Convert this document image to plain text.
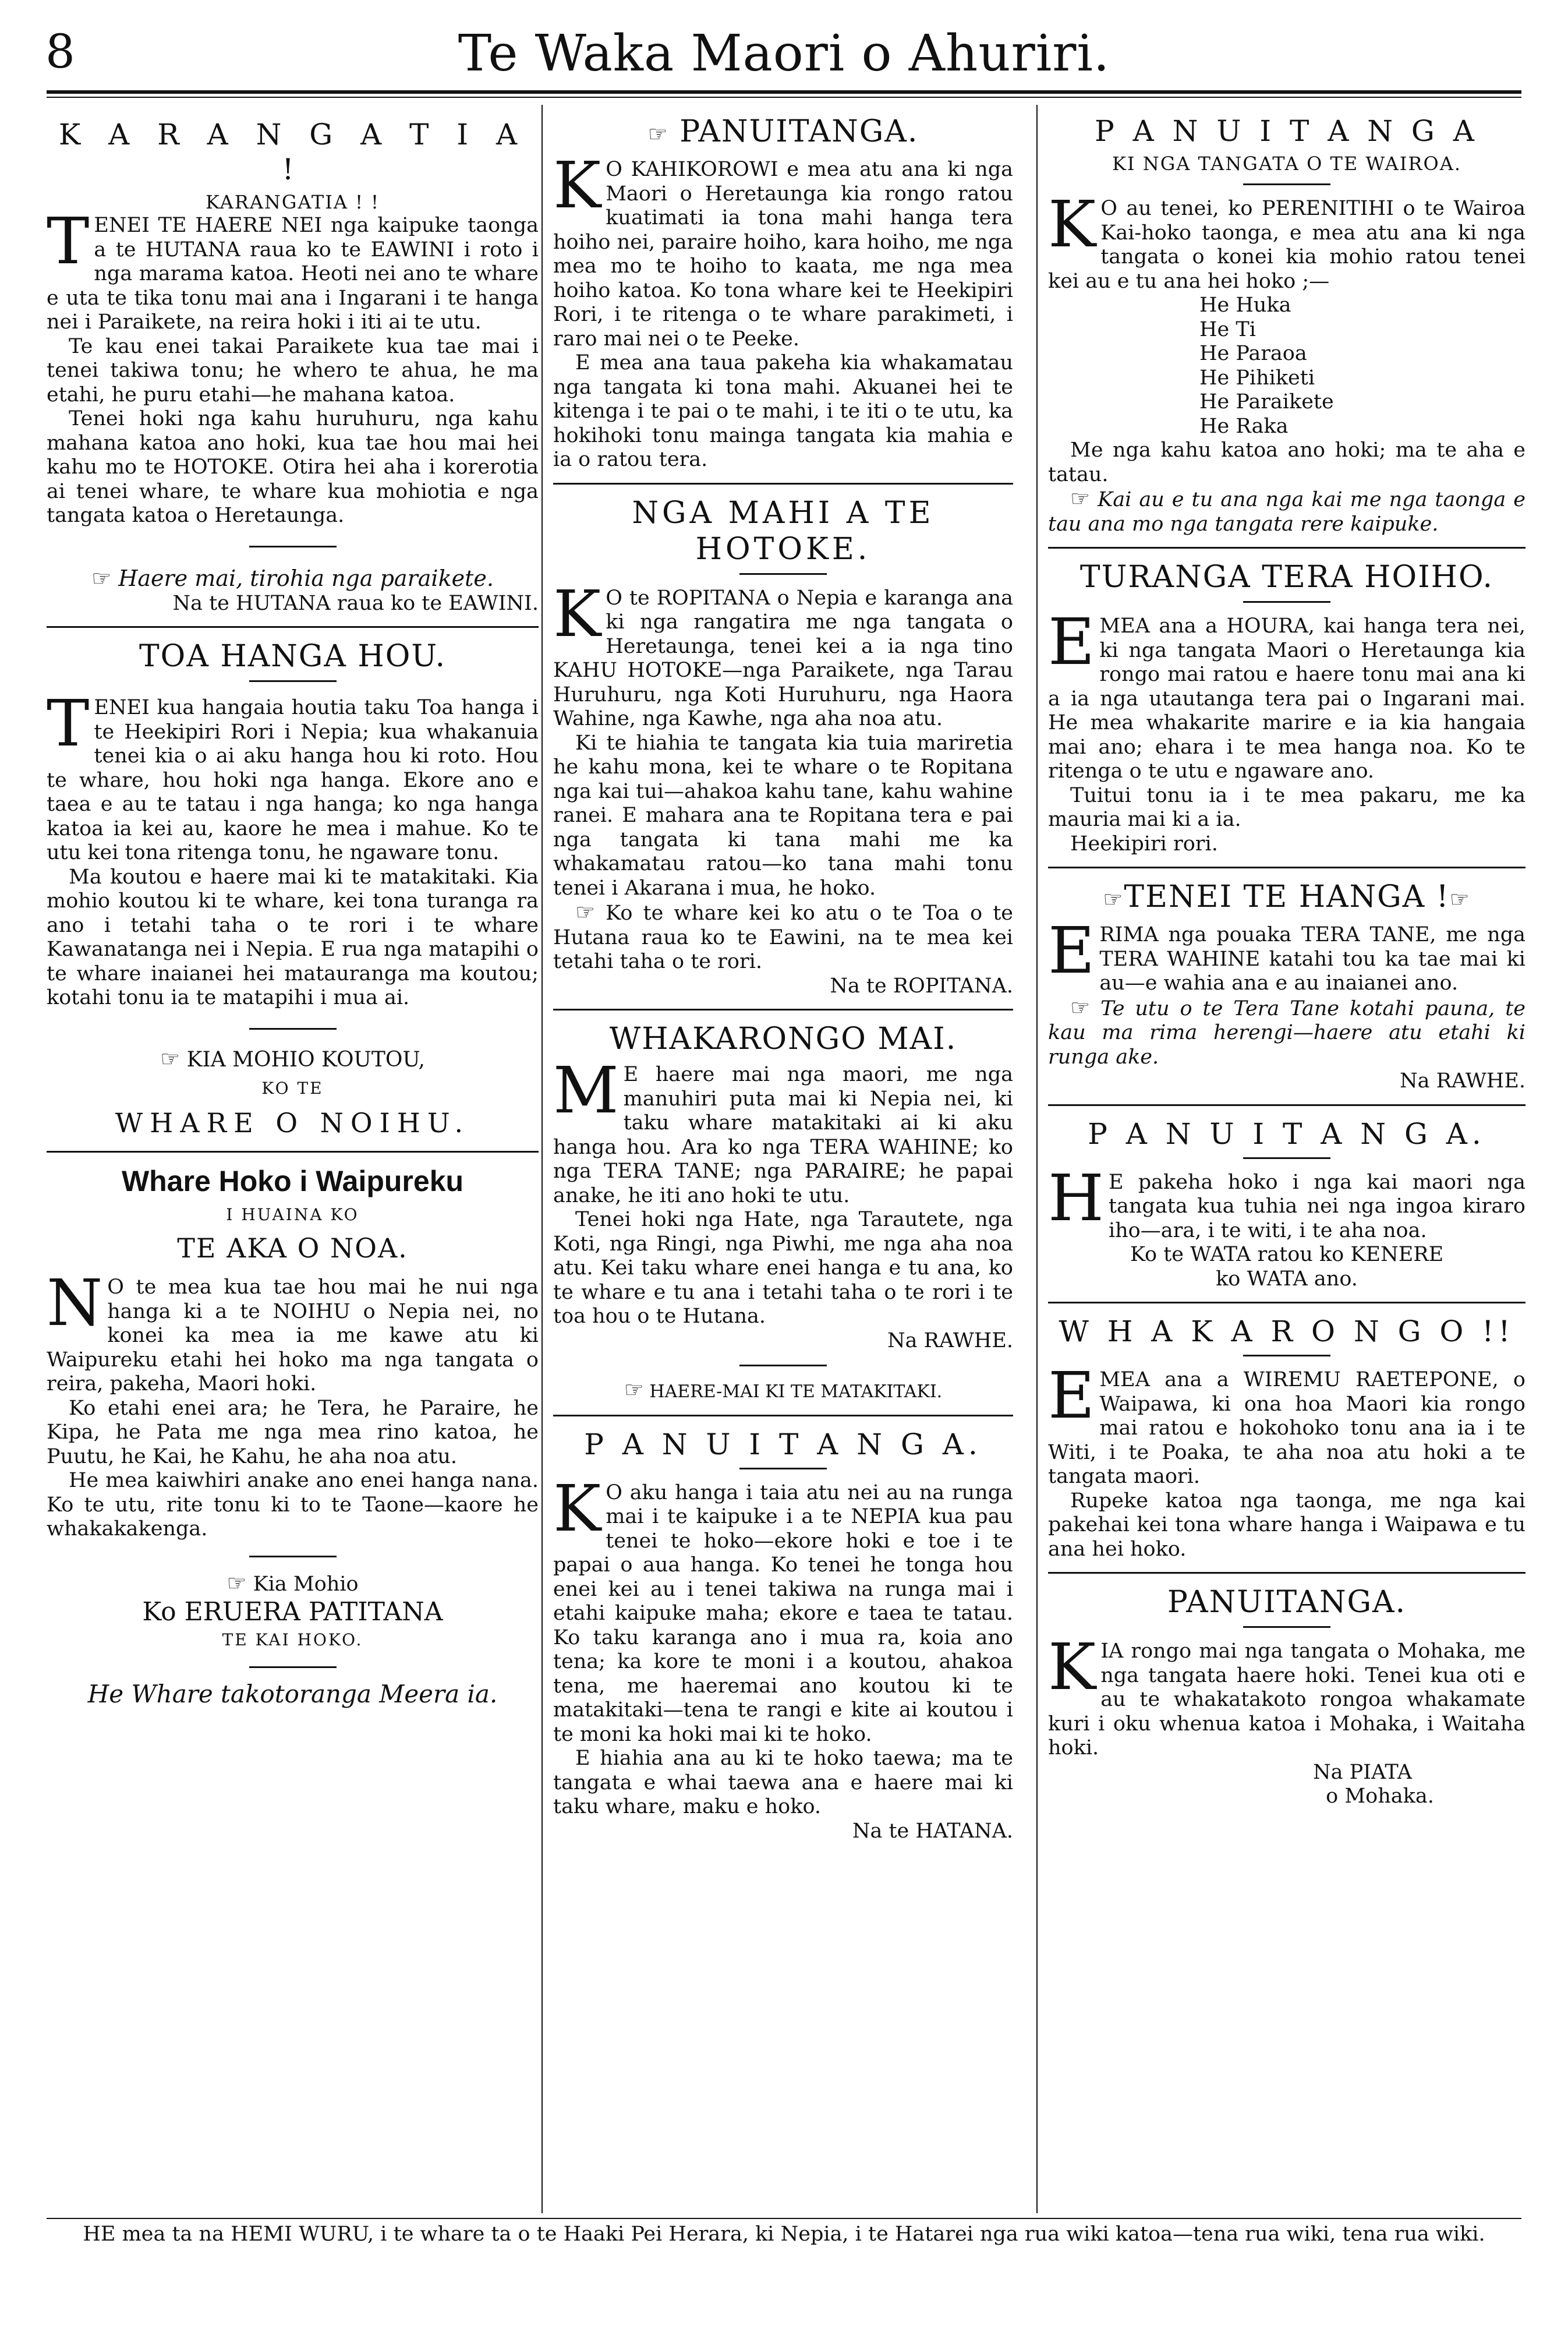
8	Te Waka Maori o Ahuriri.
K A R A N G A T I A !
KARANGATIA ! !

TENEI TE HAERE NEI nga kaipuke taonga a te HUTANA raua ko te EAWINI i roto i nga marama katoa. Heoti nei ano te whare e uta te tika tonu mai ana i Ingarani i te hanga nei i Paraikete, na reira hoki i iti ai te utu.

Te kau enei takai Paraikete kua tae mai i tenei takiwa tonu; he whero te ahua, he ma etahi, he puru etahi—he mahana katoa.

Tenei hoki nga kahu huruhuru, nga kahu mahana katoa ano hoki, kua tae hou mai hei kahu mo te HOTOKE. Otira hei aha i korerotia ai tenei whare, te whare kua mohiotia e nga tangata katoa o Heretaunga.

☞ Haere mai, tirohia nga paraikete.

Na te HUTANA raua ko te EAWINI.

TOA HANGA HOU.

TENEI kua hangaia houtia taku Toa hanga i te Heekipiri Rori i Nepia; kua whakanuia tenei kia o ai aku hanga hou ki roto. Hou te whare, hou hoki nga hanga. Ekore ano e taea e au te tatau i nga hanga; ko nga hanga katoa ia kei au, kaore he mea i mahue. Ko te utu kei tona ritenga tonu, he ngaware tonu.

Ma koutou e haere mai ki te matakitaki. Kia mohio koutou ki te whare, kei tona turanga ra ano i tetahi taha o te rori i te whare Kawanatanga nei i Nepia. E rua nga matapihi o te whare inaianei hei matauranga ma koutou; kotahi tonu ia te matapihi i mua ai.

☞ KIA MOHIO KOUTOU,

KO TE
WHARE O NOIHU.
Whare Hoko i Waipureku
I HUAINA KO
TE AKA O NOA.

N O te mea kua tae hou mai he nui nga hanga ki a te NOIHU o Nepia nei, no konei ka mea ia me kawe atu ki Waipureku etahi hei hoko ma nga tangata o reira, pakeha, Maori hoki.

Ko etahi enei ara; he Tera, he Paraire, he Kipa, he Pata me nga mea rino katoa, he Puutu, he Kai, he Kahu, he aha noa atu.

He mea kaiwhiri anake ano enei hanga nana. Ko te utu, rite tonu ki to te Taone—kaore he whakakakenga.

☞ Kia Mohio

Ko ERUERA PATITANA

TE KAI HOKO.

He Whare takotoranga Meera ia.

☞ PANUITANGA.

K O KAHIKOROWI e mea atu ana ki nga Maori o Heretaunga kia rongo ratou kuatimati ia tona mahi hanga tera hoiho nei, paraire hoiho, kara hoiho, me nga mea mo te hoiho to kaata, me nga mea hoiho katoa. Ko tona whare kei te Heekipiri Rori, i te ritenga o te whare parakimeti, i raro mai nei o te Peeke.

E mea ana taua pakeha kia whakamatau nga tangata ki tona mahi. Akuanei hei te kitenga i te pai o te mahi, i te iti o te utu, ka hokihoki tonu mainga tangata kia mahia e ia o ratou tera.

NGA MAHI A TE HOTOKE.

K O te ROPITANA o Nepia e karanga ana ki nga rangatira me nga tangata o Heretaunga, tenei kei a ia nga tino KAHU HOTOKE—nga Paraikete, nga Tarau Huruhuru, nga Koti Huruhuru, nga Haora Wahine, nga Kawhe, nga aha noa atu.

Ki te hiahia te tangata kia tuia mariretia he kahu mona, kei te whare o te Ropitana nga kai tui—ahakoa kahu tane, kahu wahine ranei. E mahara ana te Ropitana tera e pai nga tangata ki tana mahi me ka whakamatau ratou—ko tana mahi tonu tenei i Akarana i mua, he hoko.

☞ Ko te whare kei ko atu o te Toa o te Hutana raua ko te Eawini, na te mea kei tetahi taha o te rori.

Na te ROPITANA.

WHAKARONGO MAI.

M E haere mai nga maori, me nga manuhiri puta mai ki Nepia nei, ki taku whare matakitaki ai ki aku hanga hou. Ara ko nga TERA WAHINE; ko nga TERA TANE; nga PARAIRE; he papai anake, he iti ano hoki te utu.

Tenei hoki nga Hate, nga Tarautete, nga Koti, nga Ringi, nga Piwhi, me nga aha noa atu. Kei taku whare enei hanga e tu ana, ko te whare e tu ana i tetahi taha o te rori i te toa hou o te Hutana.

Na RAWHE.

☞ HAERE-MAI KI TE MATAKITAKI.

P A N U I T A N G A.

K O aku hanga i taia atu nei au na runga mai i te kaipuke i a te NEPIA kua pau tenei te hoko—ekore hoki e toe i te papai o aua hanga. Ko tenei he tonga hou enei kei au i tenei takiwa na runga mai i etahi kaipuke maha; ekore e taea te tatau. Ko taku karanga ano i mua ra, koia ano tena; ka kore te moni i a koutou, ahakoa tena, me haeremai ano koutou ki te matakitaki—tena te rangi e kite ai koutou i te moni ka hoki mai ki te hoko.

E hiahia ana au ki te hoko taewa; ma te tangata e whai taewa ana e haere mai ki taku whare, maku e hoko.

Na te HATANA.

P A N U I T A N G A
KI NGA TANGATA O TE WAIROA.

K O au tenei, ko PERENITIHI o te Wairoa Kai-hoko taonga, e mea atu ana ki nga tangata o konei kia mohio ratou tenei kei au e tu ana hei hoko ;—

He Huka
He Ti
He Paraoa
He Pihiketi
He Paraikete
He Raka

Me nga kahu katoa ano hoki; ma te aha e tatau.

☞ Kai au e tu ana nga kai me nga taonga e tau ana mo nga tangata rere kaipuke.

TURANGA TERA HOIHO.

EMEA ana a HOURA, kai hanga tera nei, ki nga tangata Maori o Heretaunga kia rongo mai ratou e haere tonu mai ana ki a ia nga utautanga tera pai o Ingarani mai. He mea whakarite marire e ia kia hangaia mai ano; ehara i te mea hanga noa. Ko te ritenga o te utu e ngaware ano.

Tuitui tonu ia i te mea pakaru, me ka mauria mai ki a ia.

Heekipiri rori.

☞TENEI TE HANGA !☞

ERIMA nga pouaka TERA TANE, me nga TERA WAHINE katahi tou ka tae mai ki au—e wahia ana e au inaianei ano.

☞ Te utu o te Tera Tane kotahi pauna, te kau ma rima herengi—haere atu etahi ki runga ake.

Na RAWHE.

P A N U I T A N G A.

H E pakeha hoko i nga kai maori nga tangata kua tuhia nei nga ingoa kiraro iho—ara, i te witi, i te aha noa.

Ko te WATA ratou ko KENERE

ko WATA ano.

W H A K A R O N G O !!

EMEA ana a WIREMU RAETEPONE, o Waipawa, ki ona hoa Maori kia rongo mai ratou e hokohoko tonu ana ia i te Witi, i te Poaka, te aha noa atu hoki a te tangata maori.

Rupeke katoa nga taonga, me nga kai pakehai kei tona whare hanga i Waipawa e tu ana hei hoko.

PANUITANGA.

KIA rongo mai nga tangata o Mohaka, me nga tangata haere hoki. Tenei kua oti e au te whakatakoto rongoa whakamate kuri i oku whenua katoa i Mohaka, i Waitaha hoki.

Na PIATA

o Mohaka.

HE mea ta na HEMI WURU, i te whare ta o te Haaki Pei Herara, ki Nepia, i te Hatarei nga rua wiki katoa—tena rua wiki, tena rua wiki.
